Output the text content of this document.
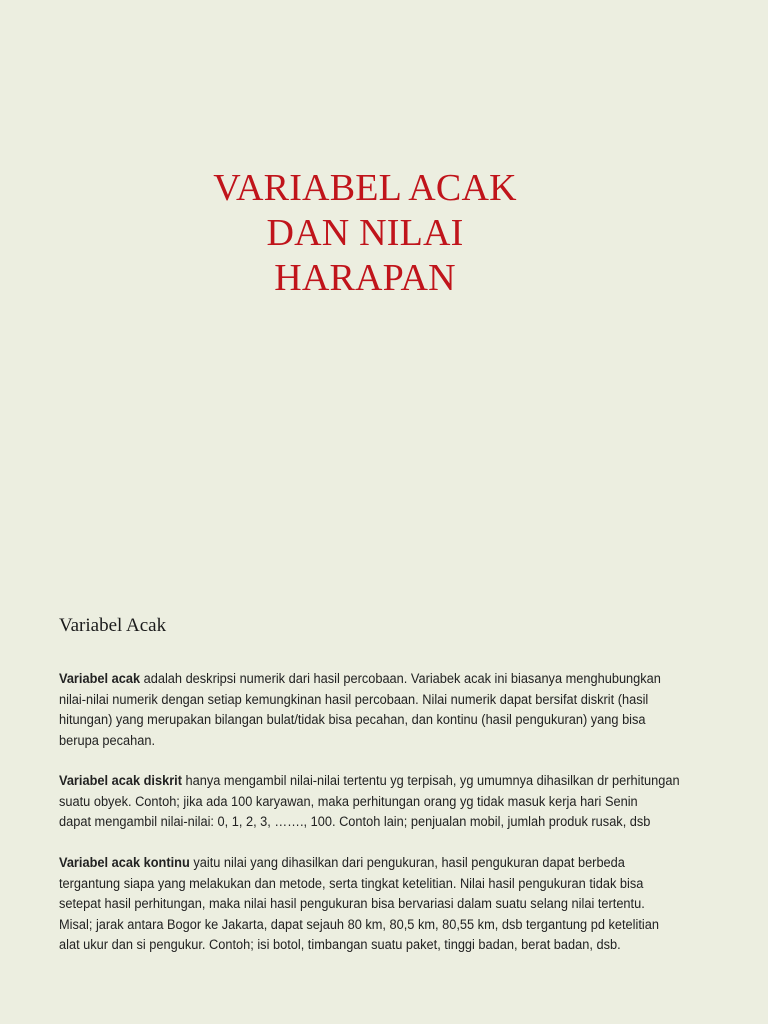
VARIABEL ACAK
DAN NILAI
HARAPAN
Variabel Acak

Variabel acak adalah deskripsi numerik dari hasil percobaan. Variabek acak ini biasanya menghubungkan
nilai-nilai numerik dengan setiap kemungkinan hasil percobaan. Nilai numerik dapat bersifat diskrit (hasil
hitungan) yang merupakan bilangan bulat/tidak bisa pecahan, dan kontinu (hasil pengukuran) yang bisa
berupa pecahan.

Variabel acak diskrit hanya mengambil nilai-nilai tertentu yg terpisah, yg umumnya dihasilkan dr perhitungan
suatu obyek. Contoh; jika ada 100 karyawan, maka perhitungan orang yg tidak masuk kerja hari Senin
dapat mengambil nilai-nilai: 0, 1, 2, 3, ……., 100. Contoh lain; penjualan mobil, jumlah produk rusak, dsb

Variabel acak kontinu yaitu nilai yang dihasilkan dari pengukuran, hasil pengukuran dapat berbeda
tergantung siapa yang melakukan dan metode, serta tingkat ketelitian. Nilai hasil pengukuran tidak bisa
setepat hasil perhitungan, maka nilai hasil pengukuran bisa bervariasi dalam suatu selang nilai tertentu.
Misal; jarak antara Bogor ke Jakarta, dapat sejauh 80 km, 80,5 km, 80,55 km, dsb tergantung pd ketelitian
alat ukur dan si pengukur. Contoh; isi botol, timbangan suatu paket, tinggi badan, berat badan, dsb.
